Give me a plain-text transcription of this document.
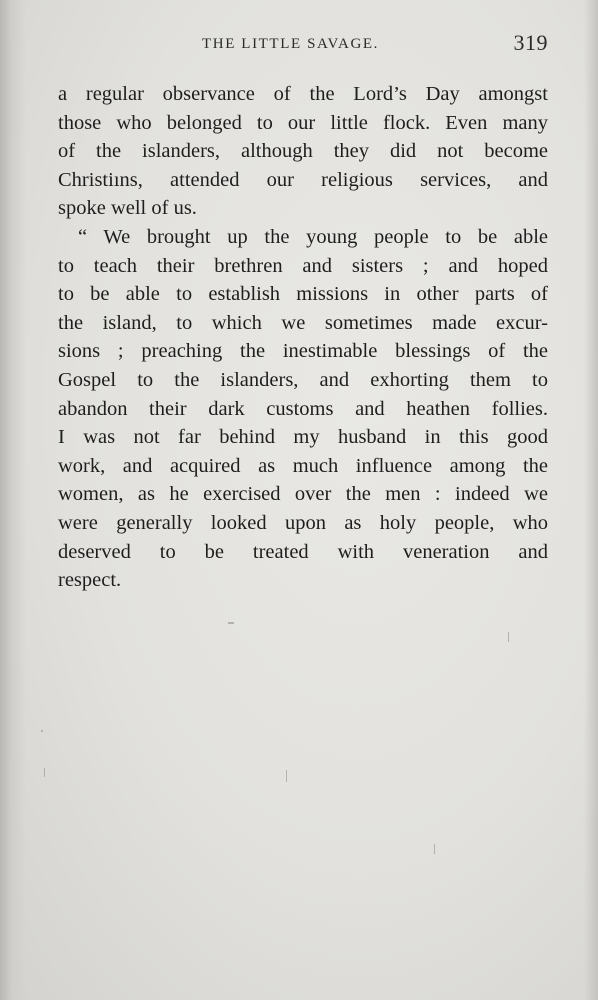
THE LITTLE SAVAGE.	319
a regular observance of the Lord’s Day amongst
those who belonged to our little flock. Even many
of the islanders, although they did not become
Christiıns, attended our religious services, and
spoke well of us.
“ We brought up the young people to be able
to teach their brethren and sisters ; and hoped
to be able to establish missions in other parts of
the island, to which we sometimes made excur-
sions ; preaching the inestimable blessings of the
Gospel to the islanders, and exhorting them to
abandon their dark customs and heathen follies.
I was not far behind my husband in this good
work, and acquired as much influence among the
women, as he exercised over the men : indeed we
were generally looked upon as holy people, who
deserved to be treated with veneration and
respect.
